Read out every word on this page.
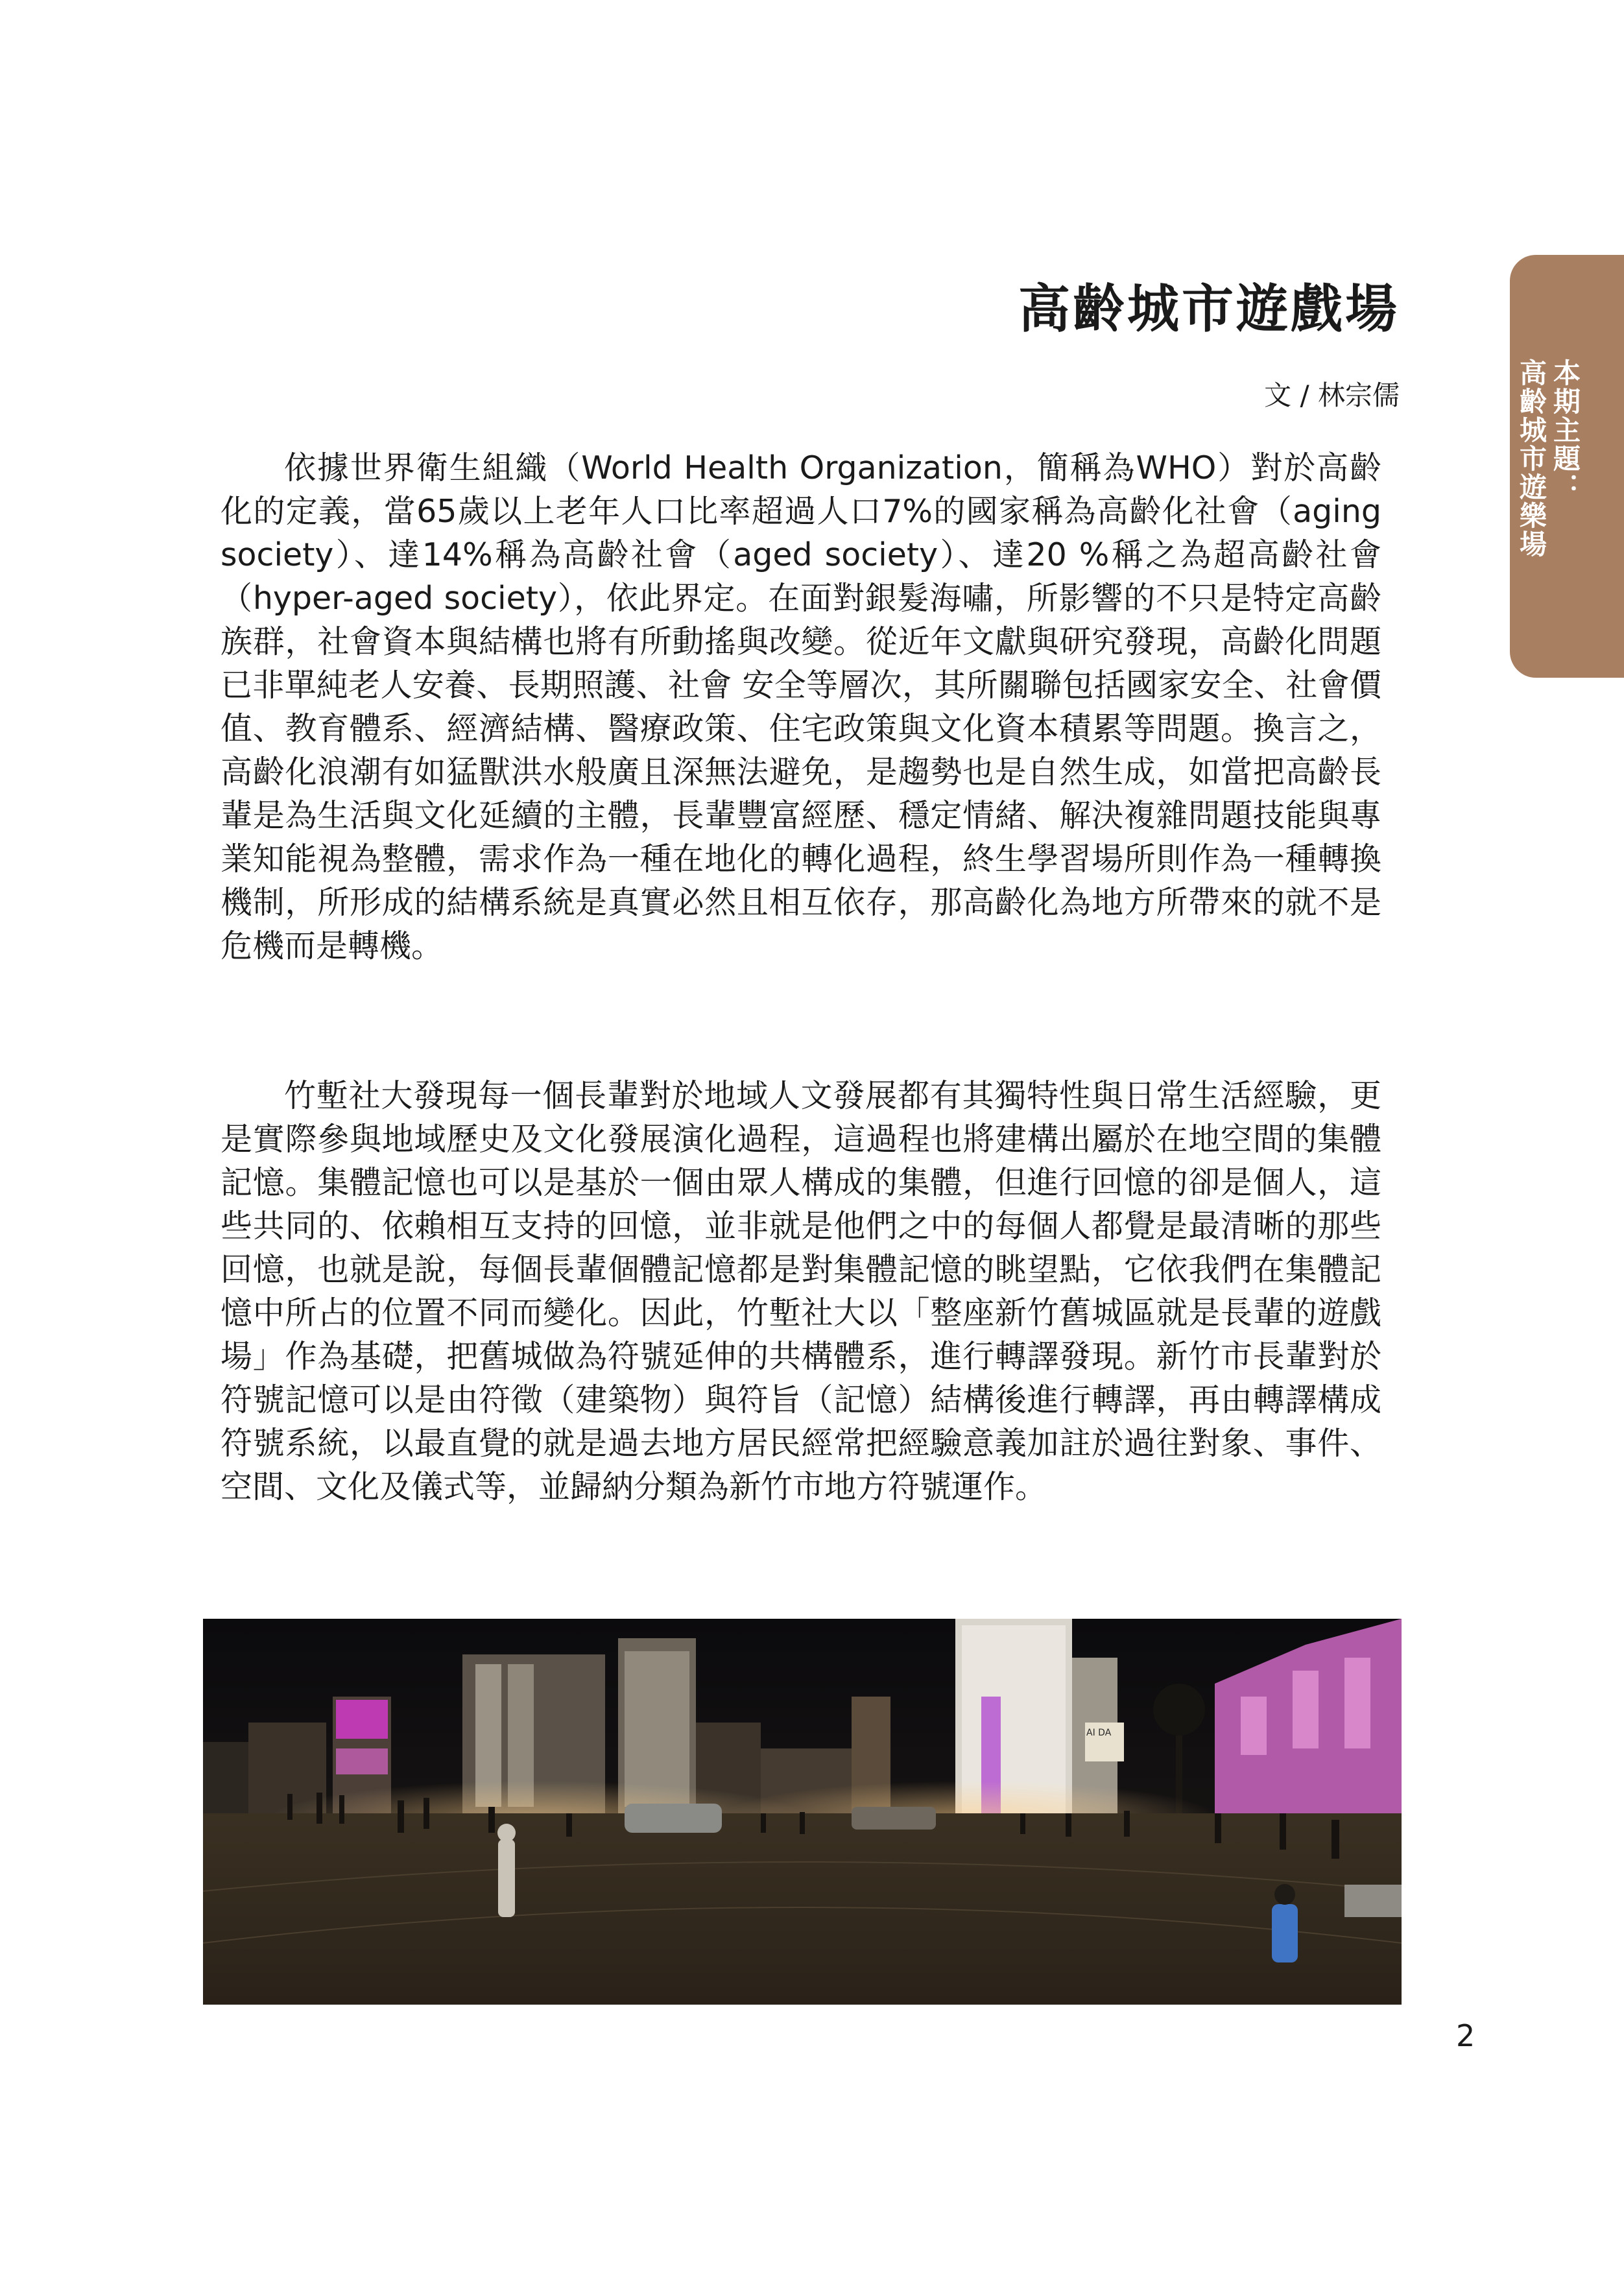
本期主題：
高齡城市遊樂場
高齡城市遊戲場
文 / 林宗儒

依據世界衛生組織（World Health Organization，簡稱為WHO）對於高齡化的定義，當65歲以上老年人口比率超過人口7%的國家稱為高齡化社會（aging society）、達14%稱為高齡社會（aged society）、達20 %稱之為超高齡社會（hyper-aged society），依此界定。在面對銀髮海嘯，所影響的不只是特定高齡族群，社會資本與結構也將有所動搖與改變。從近年文獻與研究發現，高齡化問題已非單純老人安養、長期照護、社會 安全等層次，其所關聯包括國家安全、社會價值、教育體系、經濟結構、醫療政策、住宅政策與文化資本積累等問題。換言之，高齡化浪潮有如猛獸洪水般廣且深無法避免，是趨勢也是自然生成，如當把高齡長輩是為生活與文化延續的主體，長輩豐富經歷、穩定情緒、解決複雜問題技能與專業知能視為整體，需求作為一種在地化的轉化過程，終生學習場所則作為一種轉換機制，所形成的結構系統是真實必然且相互依存，那高齡化為地方所帶來的就不是危機而是轉機。

竹塹社大發現每一個長輩對於地域人文發展都有其獨特性與日常生活經驗，更是實際參與地域歷史及文化發展演化過程，這過程也將建構出屬於在地空間的集體記憶。集體記憶也可以是基於一個由眾人構成的集體，但進行回憶的卻是個人，這些共同的、依賴相互支持的回憶，並非就是他們之中的每個人都覺是最清晰的那些回憶，也就是說，每個長輩個體記憶都是對集體記憶的眺望點，它依我們在集體記憶中所占的位置不同而變化。因此，竹塹社大以「整座新竹舊城區就是長輩的遊戲場」作為基礎，把舊城做為符號延伸的共構體系，進行轉譯發現。新竹市長輩對於符號記憶可以是由符徵（建築物）與符旨（記憶）結構後進行轉譯，再由轉譯構成符號系統，以最直覺的就是過去地方居民經常把經驗意義加註於過往對象、事件、空間、文化及儀式等，並歸納分類為新竹市地方符號運作。

AI DA
2
